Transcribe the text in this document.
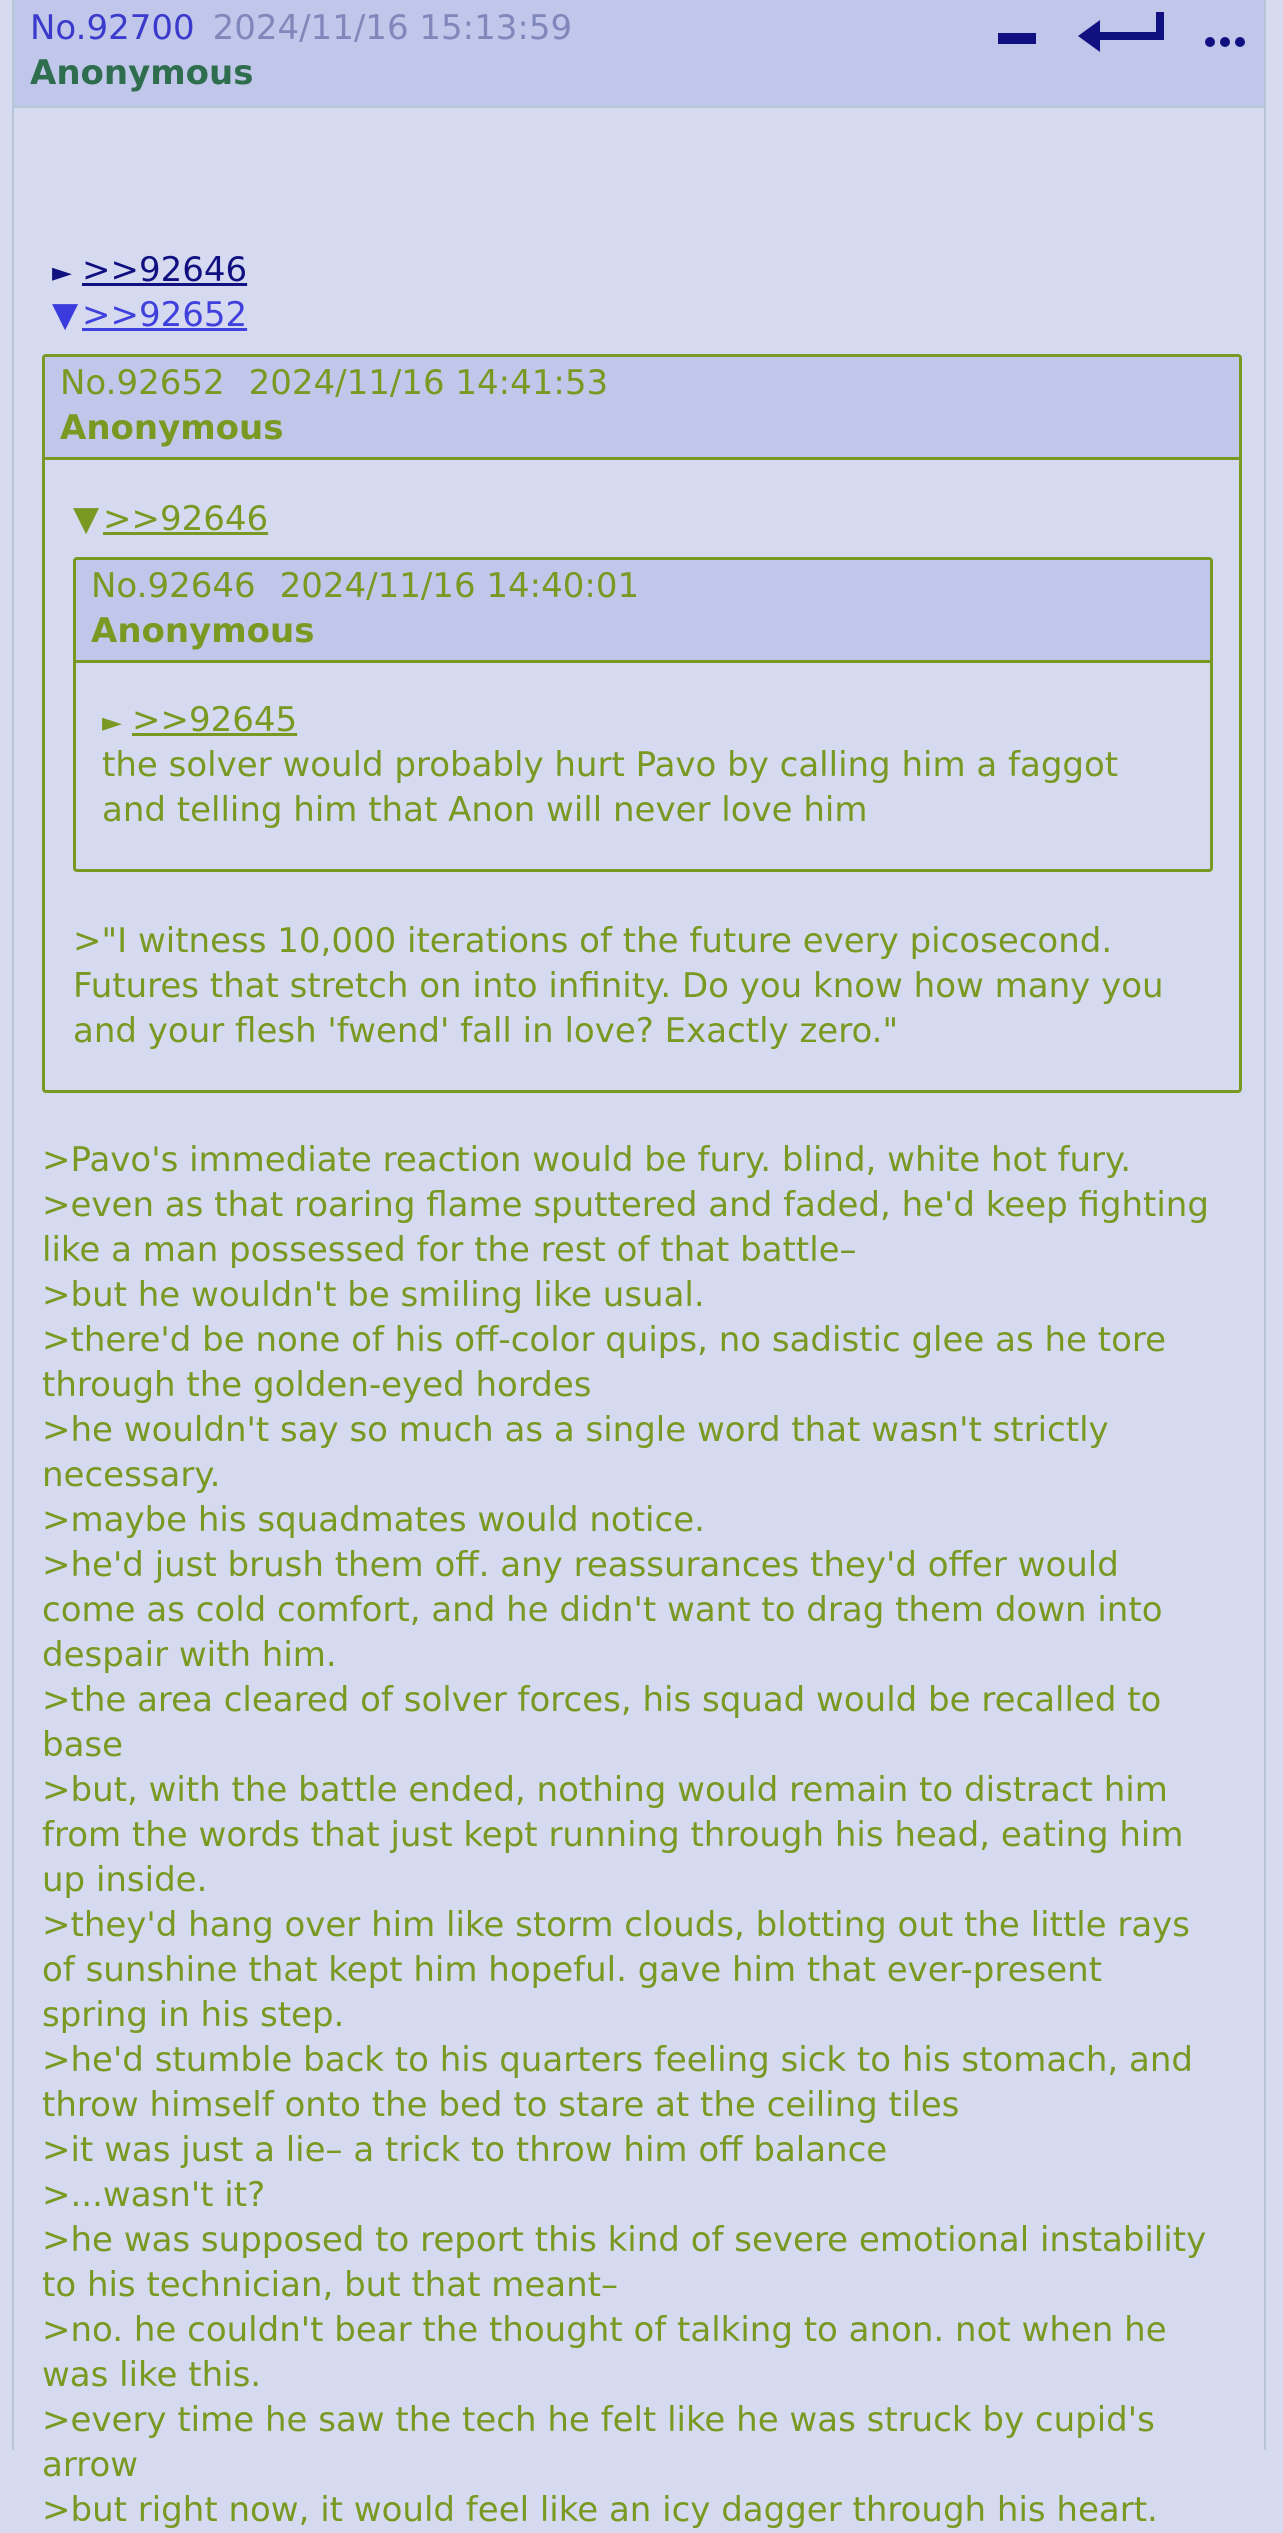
No.92700 2024/11/16 15:13:59
Anonymous
► >>92646
▼ >>92652
No.92652 2024/11/16 14:41:53
Anonymous
▼ >>92646
No.92646 2024/11/16 14:40:01
Anonymous
► >>92645
the solver would probably hurt Pavo by calling him a faggot
and telling him that Anon will never love him
>"I witness 10,000 iterations of the future every picosecond.
Futures that stretch on into infinity. Do you know how many you
and your flesh 'fwend' fall in love? Exactly zero."
>Pavo's immediate reaction would be fury. blind, white hot fury.
>even as that roaring flame sputtered and faded, he'd keep fighting
like a man possessed for the rest of that battle–
>but he wouldn't be smiling like usual.
>there'd be none of his off-color quips, no sadistic glee as he tore
through the golden-eyed hordes
>he wouldn't say so much as a single word that wasn't strictly
necessary.
>maybe his squadmates would notice.
>he'd just brush them off. any reassurances they'd offer would
come as cold comfort, and he didn't want to drag them down into
despair with him.
>the area cleared of solver forces, his squad would be recalled to
base
>but, with the battle ended, nothing would remain to distract him
from the words that just kept running through his head, eating him
up inside.
>they'd hang over him like storm clouds, blotting out the little rays
of sunshine that kept him hopeful. gave him that ever-present
spring in his step.
>he'd stumble back to his quarters feeling sick to his stomach, and
throw himself onto the bed to stare at the ceiling tiles
>it was just a lie– a trick to throw him off balance
>...wasn't it?
>he was supposed to report this kind of severe emotional instability
to his technician, but that meant–
>no. he couldn't bear the thought of talking to anon. not when he
was like this.
>every time he saw the tech he felt like he was struck by cupid's
arrow
>but right now, it would feel like an icy dagger through his heart.
